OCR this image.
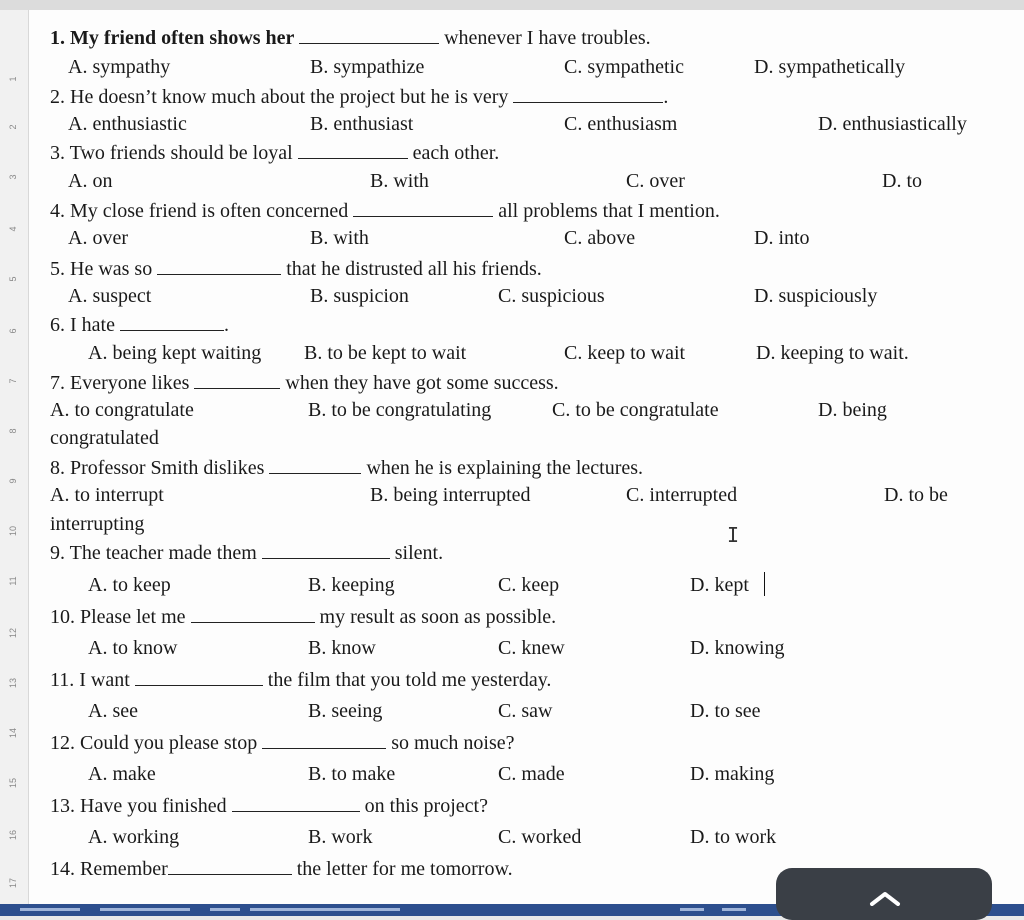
1
2
3
4
5
6
7
8
9
10
11
12
13
14
15
16
17
1. My friend often shows her	whenever I have troubles.
A. sympathy	B. sympathize	C. sympathetic	D. sympathetically
2. He doesn’t know much about the project but he is very	.
A. enthusiastic	B. enthusiast	C. enthusiasm	D. enthusiastically
3. Two friends should be loyal	each other.
A. on	B. with	C. over	D. to
4. My close friend is often concerned	all problems that I mention.
A. over	B. with	C. above	D. into
5. He was so	that he distrusted all his friends.
A. suspect	B. suspicion	C. suspicious	D. suspiciously
6. I hate	.
A. being kept waiting B. to be kept to wait	C. keep to wait	D. keeping to wait.
7. Everyone likes	when they have got some success.
A. to congratulate	B. to be congratulating	C. to be congratulate	D. being
congratulated
8. Professor Smith dislikes	when he is explaining the lectures.
A. to interrupt	B. being interrupted	C. interrupted	D. to be
interrupting
9. The teacher made them	silent.
A. to keep	B. keeping	C. keep	D. kept
10. Please let me	my result as soon as possible.
A. to know	B. know	C. knew	D. knowing
11. I want	the film that you told me yesterday.
A. see	B. seeing	C. saw	D. to see
12. Could you please stop	so much noise?
A. make	B. to make	C. made	D. making
13. Have you finished	on this project?
A. working	B. work	C. worked	D. to work
14. Remember	the letter for me tomorrow.
I
